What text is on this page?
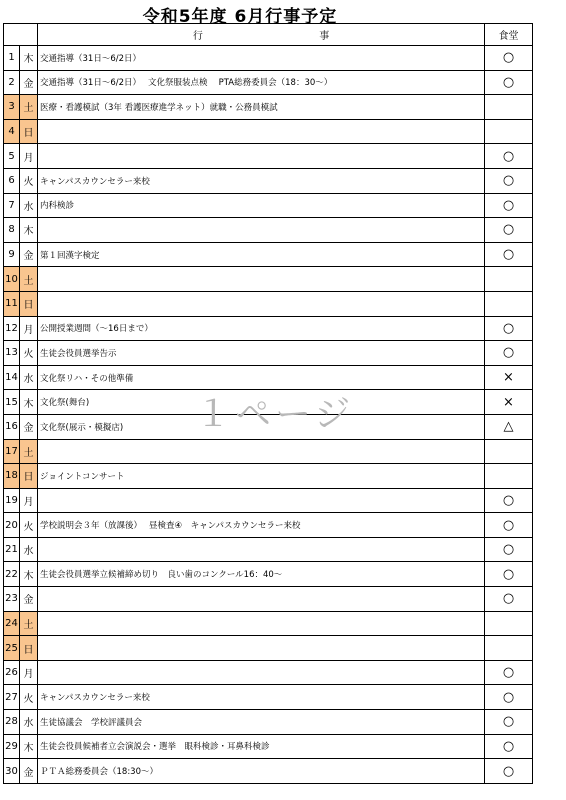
令和5年度 6月行事予定
		行 事	食堂
1	木	交通指導（31日～6/2日）	○
2	金	交通指導（31日～6/2日）　 文化祭服装点検　 PTA総務委員会（18：30～）	○
3	土	医療・看護模試（3年 看護医療進学ネット）就職・公務員模試	
4	日		
5	月		○
6	火	キャンパスカウンセラー来校	○
7	水	内科検診	○
8	木		○
9	金	第１回漢字検定	○
10	土		
11	日		
12	月	公開授業週間（～16日まで）	○
13	火	生徒会役員選挙告示	○
14	水	文化祭リハ・その他準備	×
15	木	文化祭(舞台)	×
16	金	文化祭(展示・模擬店)	△
17	土		
18	日	ジョイントコンサート	
19	月		○
20	火	学校説明会３年（放課後）　 昼検査④　キャンパスカウンセラー来校	○
21	水		○
22	木	生徒会役員選挙立候補締め切り　良い歯のコンクール16：40～	○
23	金		○
24	土		
25	日		
26	月		○
27	火	キャンパスカウンセラー来校	○
28	水	生徒協議会　学校評議員会	○
29	木	生徒会役員候補者立会演説会・選挙　眼科検診・耳鼻科検診	○
30	金	ＰＴＡ総務委員会（18:30～）	○
１ページ
